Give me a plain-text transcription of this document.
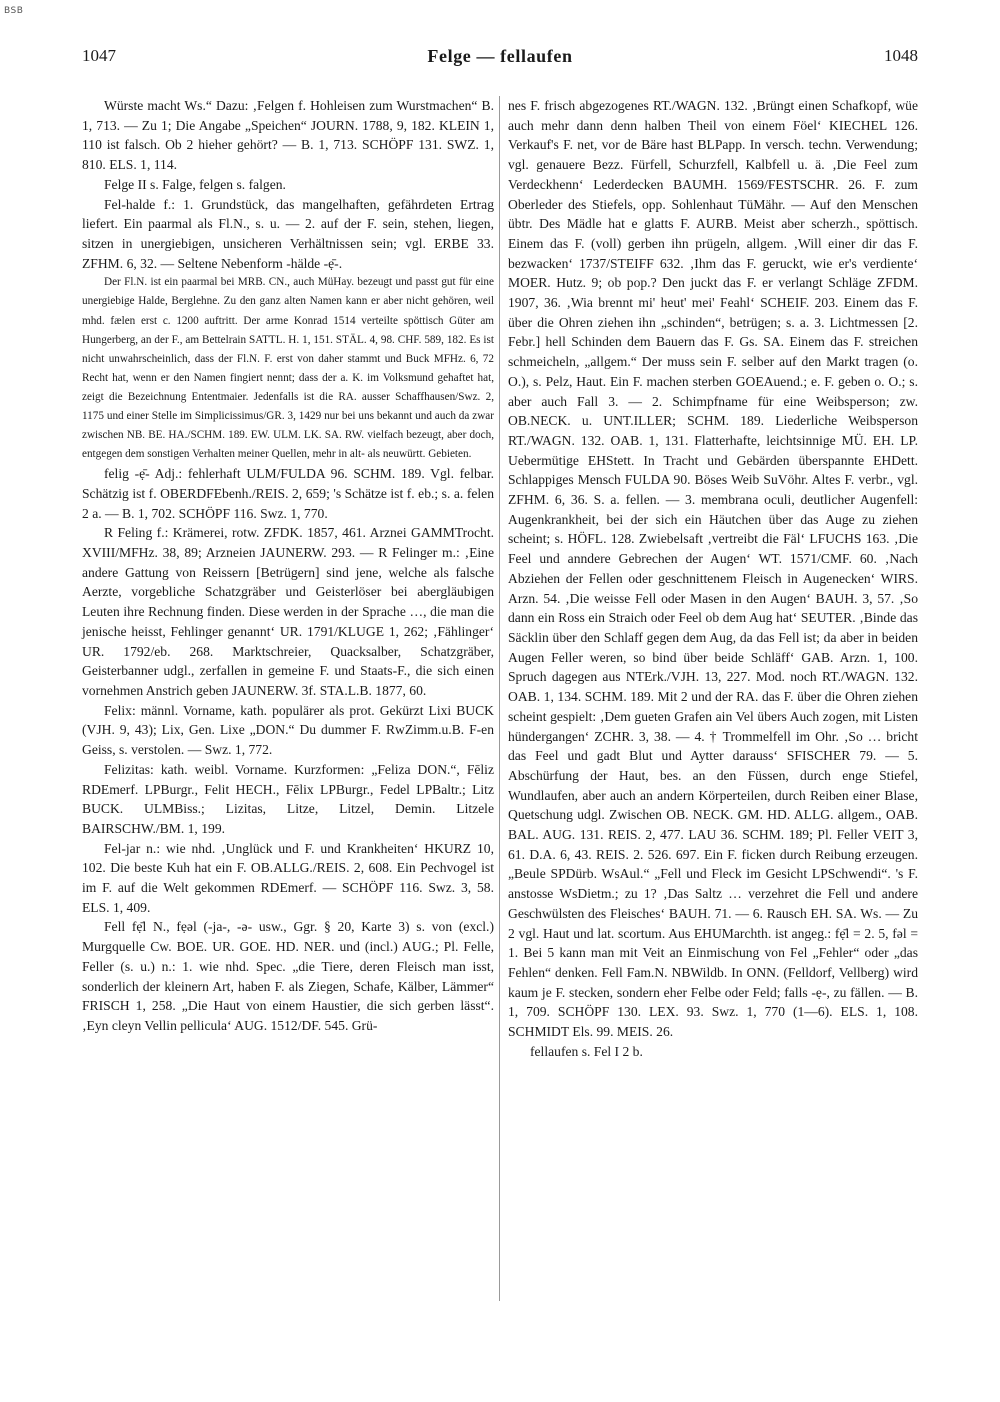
BSB
1047	Felge — fellaufen	1048

Würste macht Ws.“ Dazu: ‚Felgen f. Hohleisen zum Wurstmachen“ B. 1, 713. — Zu 1; Die Angabe „Speichen“ JOURN. 1788, 9, 182. KLEIN 1, 110 ist falsch. Ob 2 hieher gehört? — B. 1, 713. SCHÖPF 131. SWZ. 1, 810. ELS. 1, 114.

Felge II s. Falge, felgen s. falgen.

Fel-halde f.: 1. Grundstück, das mangelhaften, gefährdeten Ertrag liefert. Ein paarmal als Fl.N., s. u. — 2. auf der F. sein, stehen, liegen, sitzen in unergiebigen, unsicheren Verhältnissen sein; vgl. ERBE 33. ZFHM. 6, 32. — Seltene Nebenform -hälde -ẹ̄-.

Der Fl.N. ist ein paarmal bei MRB. CN., auch MüHay. bezeugt und passt gut für eine unergiebige Halde, Berglehne. Zu den ganz alten Namen kann er aber nicht gehören, weil mhd. fælen erst c. 1200 auftritt. Der arme Konrad 1514 verteilte spöttisch Güter am Hungerberg, an der F., am Bettelrain SATTL. H. 1, 151. STÄL. 4, 98. CHF. 589, 182. Es ist nicht unwahrscheinlich, dass der Fl.N. F. erst von daher stammt und Buck MFHz. 6, 72 Recht hat, wenn er den Namen fingiert nennt; dass der a. K. im Volksmund gehaftet hat, zeigt die Bezeichnung Ententmaier. Jedenfalls ist die RA. ausser Schaffhausen/Swz. 2, 1175 und einer Stelle im Simplicissimus/GR. 3, 1429 nur bei uns bekannt und auch da zwar zwischen NB. BE. HA./SCHM. 189. EW. ULM. LK. SA. RW. vielfach bezeugt, aber doch, entgegen dem sonstigen Verhalten meiner Quellen, mehr in alt- als neuwürtt. Gebieten.

felig -ẹ̄- Adj.: fehlerhaft ULM/FULDA 96. SCHM. 189. Vgl. felbar. Schätzig ist f. OBERDFEbenh./REIS. 2, 659; 's Schätze ist f. eb.; s. a. felen 2 a. — B. 1, 702. SCHÖPF 116. Swz. 1, 770.

R Feling f.: Krämerei, rotw. ZFDK. 1857, 461. Arznei GAMMTrocht. XVIII/MFHz. 38, 89; Arzneien JAUNERW. 293. — R Felinger m.: ‚Eine andere Gattung von Reissern [Betrügern] sind jene, welche als falsche Aerzte, vorgebliche Schatzgräber und Geisterlöser bei abergläubigen Leuten ihre Rechnung finden. Diese werden in der Sprache …, die man die jenische heisst, Fehlinger genannt‘ UR. 1791/KLUGE 1, 262; ‚Fählinger‘ UR. 1792/eb. 268. Marktschreier, Quacksalber, Schatzgräber, Geisterbanner udgl., zerfallen in gemeine F. und Staats-F., die sich einen vornehmen Anstrich geben JAUNERW. 3f. STA.L.B. 1877, 60.

Felix: männl. Vorname, kath. populärer als prot. Gekürzt Lixi BUCK (VJH. 9, 43); Lix, Gen. Lixe „DON.“ Du dummer F. RwZimm.u.B. F-en Geiss, s. verstolen. — Swz. 1, 772.

Felizitas: kath. weibl. Vorname. Kurzformen: „Feliza DON.“, Fēliz RDEmerf. LPBurgr., Felit HECH., Fēlix LPBurgr., Fedel LPBaltr.; Litz BUCK. ULMBiss.; Lizitas, Litze, Litzel, Demin. Litzele BAIRSCHW./BM. 1, 199.

Fel-jar n.: wie nhd. ‚Unglück und F. und Krankheiten‘ HKURZ 10, 102. Die beste Kuh hat ein F. OB.ALLG./REIS. 2, 608. Ein Pechvogel ist im F. auf die Welt gekommen RDEmerf. — SCHÖPF 116. Swz. 3, 58. ELS. 1, 409.

Fell fẹ̄l N., fẹəl (-ja-, -ə- usw., Ggr. § 20, Karte 3) s. von (excl.) Murgquelle Cw. BOE. UR. GOE. HD. NER. und (incl.) AUG.; Pl. Felle, Feller (s. u.) n.: 1. wie nhd. Spec. „die Tiere, deren Fleisch man isst, sonderlich der kleinern Art, haben F. als Ziegen, Schafe, Kälber, Lämmer“ FRISCH 1, 258. „Die Haut von einem Haustier, die sich gerben lässt“. ‚Eyn cleyn Vellin pellicula‘ AUG. 1512/DF. 545. Grü-

nes F. frisch abgezogenes RT./WAGN. 132. ‚Brüngt einen Schafkopf, wüe auch mehr dann denn halben Theil von einem Föel‘ KIECHEL 126. Verkauf's F. net, vor de Bäre hast BLPapp. In versch. techn. Verwendung; vgl. genauere Bezz. Fürfell, Schurzfell, Kalbfell u. ä. ‚Die Feel zum Verdeckhenn‘ Lederdecken BAUMH. 1569/FESTSCHR. 26. F. zum Oberleder des Stiefels, opp. Sohlenhaut TüMähr. — Auf den Menschen übtr. Des Mädle hat e glatts F. AURB. Meist aber scherzh., spöttisch. Einem das F. (voll) gerben ihn prügeln, allgem. ‚Will einer dir das F. bezwacken‘ 1737/STEIFF 632. ‚Ihm das F. geruckt, wie er's verdiente‘ MOER. Hutz. 9; ob pop.? Den juckt das F. er verlangt Schläge ZFDM. 1907, 36. ‚Wia brennt mi' heut' mei' Feahl‘ SCHEIF. 203. Einem das F. über die Ohren ziehen ihn „schinden“, betrügen; s. a. 3. Lichtmessen [2. Febr.] hell Schinden dem Bauern das F. Gs. SA. Einem das F. streichen schmeicheln, „allgem.“ Der muss sein F. selber auf den Markt tragen (o. O.), s. Pelz, Haut. Ein F. machen sterben GOEAuend.; e. F. geben o. O.; s. aber auch Fall 3. — 2. Schimpfname für eine Weibsperson; zw. OB.NECK. u. UNT.ILLER; SCHM. 189. Liederliche Weibsperson RT./WAGN. 132. OAB. 1, 131. Flatterhafte, leichtsinnige MÜ. EH. LP. Uebermütige EHStett. In Tracht und Gebärden überspannte EHDett. Schlappiges Mensch FULDA 90. Böses Weib SuVöhr. Altes F. verbr., vgl. ZFHM. 6, 36. S. a. fellen. — 3. membrana oculi, deutlicher Augenfell: Augenkrankheit, bei der sich ein Häutchen über das Auge zu ziehen scheint; s. HÖFL. 128. Zwiebelsaft ‚vertreibt die Fäl‘ LFUCHS 163. ‚Die Feel und anndere Gebrechen der Augen‘ WT. 1571/CMF. 60. ‚Nach Abziehen der Fellen oder geschnittenem Fleisch in Augenecken‘ WIRS. Arzn. 54. ‚Die weisse Fell oder Masen in den Augen‘ BAUH. 3, 57. ‚So dann ein Ross ein Straich oder Feel ob dem Aug hat‘ SEUTER. ‚Binde das Säcklin über den Schlaff gegen dem Aug, da das Fell ist; da aber in beiden Augen Feller weren, so bind über beide Schläff‘ GAB. Arzn. 1, 100. Spruch dagegen aus NTErk./VJH. 13, 227. Mod. noch RT./WAGN. 132. OAB. 1, 134. SCHM. 189. Mit 2 und der RA. das F. über die Ohren ziehen scheint gespielt: ‚Dem gueten Grafen ain Vel übers Auch zogen, mit Listen hündergangen‘ ZCHR. 3, 38. — 4. † Trommelfell im Ohr. ‚So … bricht das Feel und gadt Blut und Aytter darauss‘ SFISCHER 79. — 5. Abschürfung der Haut, bes. an den Füssen, durch enge Stiefel, Wundlaufen, aber auch an andern Körperteilen, durch Reiben einer Blase, Quetschung udgl. Zwischen OB. NECK. GM. HD. ALLG. allgem., OAB. BAL. AUG. 131. REIS. 2, 477. LAU 36. SCHM. 189; Pl. Feller VEIT 3, 61. D.A. 6, 43. REIS. 2. 526. 697. Ein F. ficken durch Reibung erzeugen. „Beule SPDürb. WsAul.“ „Fell und Fleck im Gesicht LPSchwendi“. 's F. anstosse WsDietm.; zu 1? ‚Das Saltz … verzehret die Fell und andere Geschwülsten des Fleisches‘ BAUH. 71. — 6. Rausch EH. SA. Ws. — Zu 2 vgl. Haut und lat. scortum. Aus EHUMarchth. ist angeg.: fẹ̄l = 2. 5, fəl = 1. Bei 5 kann man mit Veit an Einmischung von Fel „Fehler“ oder „das Fehlen“ denken. Fell Fam.N. NBWildb. In ONN. (Felldorf, Vellberg) wird kaum je F. stecken, sondern eher Felbe oder Feld; falls -ẹ-, zu fällen. — B. 1, 709. SCHÖPF 130. LEX. 93. Swz. 1, 770 (1—6). ELS. 1, 108. SCHMIDT Els. 99. MEIS. 26.

fellaufen s. Fel I 2 b.
